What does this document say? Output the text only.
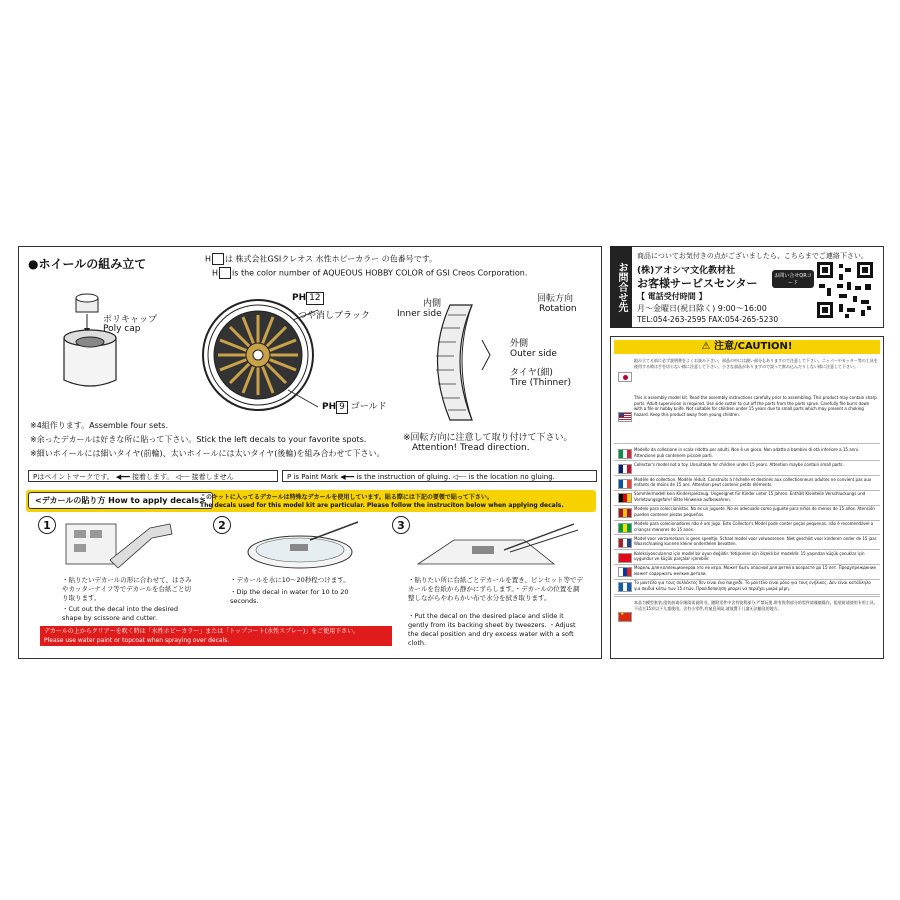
●ホイールの組み立て	H は 株式会社GSIクレオス 水性ホビーカラー の色番号です。
H is the color number of AQUEOUS HOBBY COLOR of GSI Creos Corporation.
ポリキャップ
Poly cap
PH 12
つや消しブラック
PH 9 ゴールド
内側
Inner side
回転方向
Rotation
外側
Outer side
タイヤ(細)
Tire (Thinner)
※回転方向に注意して取り付けて下さい。
Attention! Tread direction.
※4組作ります。Assemble four sets.
※余ったデカールは好きな所に貼って下さい。Stick the left decals to your favorite spots.
※細いホイールには細いタイヤ(前輪)、太いホイールには太いタイヤ(後輪)を組み合わせて下さい。
Pはペイントマークです。 ◀━━ 接着します。 ◁┈┈ 接着しません	P is Paint Mark ◀━━ is the instruction of gluing. ◁┈┈ is the location no gluing.
<デカールの貼り方 How to apply decals>
このキットに入ってるデカールは特殊なデカールを使用しています。貼る際には下記の要領で貼って下さい。
The decals used for this model kit are particular. Please follow the instruciton below when applying decals.
1
・貼りたいデカールの形に合わせて、はさみやカッターナイフ等でデカールを台紙ごと切り取ります。
・Cut out the decal into the desired shape by scissore and cutter.
2
・デカールを水に10〜20秒程つけます。
・Dip the decal in water for 10 to 20 seconds.
3
・貼りたい所に台紙ごとデカールを置き、ピンセット等でデカールを台紙から静かにずらします。・デカールの位置を調整しながらやわらかい布で水分を拭き取ります。
・Put the decal on the desired place and slide it gently from its backing sheet by tweezers. ・Adjust the decal position and dry excess water with a soft cloth.
デカールの上からクリアーを吹く時は「水性ホビーカラー」または「トップコート(水性スプレー)」をご使用下さい。
Please use water paint or topcoat when spraying over decals.
お問合せ先
商品についてお気付きの点がございましたら、こちらまでご連絡下さい。
(株)アオシマ文化教材社
お客様サービスセンター
【 電話受付時間 】
月〜金曜日(祝日除く) 9:00〜16:00
TEL:054-263-2595 FAX:054-265-5230
お問い合せQRコード
⚠ 注意/CAUTION!
組み立てる前に必ず説明書をよくお読み下さい。部品の中には鋭い部分もありますので注意して下さい。ニッパーやカッター等の工具を使用する時は手を切らない様に注意して下さい。小さな部品がありますので誤って飲み込んだりしない様に注意して下さい。
This is assembly model kit. Read the assembly instructions carefully prior to assembling. This product may contain sharp parts. Adult supervision is required. Use side cutter to cut off the parts from the parts sprue. Carefully file burrs down with a file or hobby knife. Not suitable for children under 15 years due to small parts which may present a choking hazard. Keep this product away from young children.
Modello da collezione in scala ridotta per adulti. Non è un gioco. Non adatto a bambini di età inferiore a 15 anni. Attenzione può contenere piccole parti.
Collector's model not a toy. Unsuitable for children under 15 years. Attention maybe contain small parts.
Modèle de collection. Modèle réduit. Construits à l'échelle et destinés aux collectionneurs adultes ne convient pas aux enfants de moins de 15 ans. Attention peut contenir petits éléments.
Sammlermodell kein Kinderspielzeug. Ungeeignet für Kinder unter 15 Jahren. Enthält Kleinteile Verschluckungs und Verletzungsgefahr! Bitte Hinweise aufbewahren.
Modelo para coleccionistas. No es un juguete. No es adecuado como juguete para niños de menos de 15 años. Atención pueden contener piezas pequeñas.
Modelo para colecionadores não é um jogo. Este Collector's Model pode conter peças pequenas, não é recomendável a crianças menores de 15 anos.
Model voor verzamelaars is geen speeltje. Schaal model voor volwassenen. Niet geschikt voor kinderen onder de 15 jaar. Waarschuwing kunnen kleine onderdelen bevatten.
Koleksiyoncularınız için model bir oyun değildir. Yetişkinler için ölçekli bir modeldir. 15 yaşından küçük çocuklar için uygundur ve küçük parçalar içerebilir.
Модель для коллекционеров это не игра. Может быть опасной для детей в возрасте до 15 лет. Предупреждение может содержать мелкие детали.
Το μοντέλο για τους συλλέκτες δεν είναι ένα παιχνίδι. Το μοντέλο είναι μόνο για τους ενήλικες. Δεν είναι κατάλληλο για παιδιά κάτω των 15 ετών. Προειδοποίηση μπορεί να περιέχει μικρά μέρη.
★
本品为模型套装,组装前请仔细阅读说明书。随附零件中含有锐利部分,严禁玩耍,带有锐利部分的零件请谨慎操作。组装时请使用专用工具,不适合15岁以下儿童使用。含有小零件,有窒息风险,请放置于儿童无法触及的地方。
